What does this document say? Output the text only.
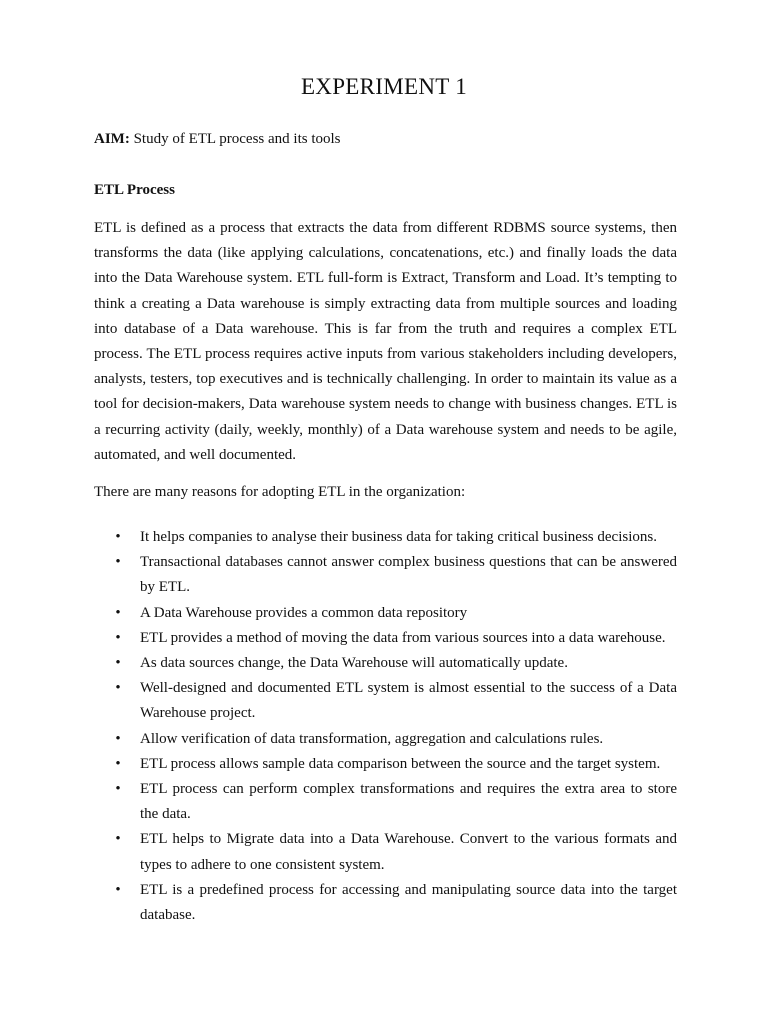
EXPERIMENT 1

AIM: Study of ETL process and its tools

ETL Process

ETL is defined as a process that extracts the data from different RDBMS source systems, then transforms the data (like applying calculations, concatenations, etc.) and finally loads the data into the Data Warehouse system. ETL full-form is Extract, Transform and Load. It’s tempting to think a creating a Data warehouse is simply extracting data from multiple sources and loading into database of a Data warehouse. This is far from the truth and requires a complex ETL process. The ETL process requires active inputs from various stakeholders including developers, analysts, testers, top executives and is technically challenging. In order to maintain its value as a tool for decision-makers, Data warehouse system needs to change with business changes. ETL is a recurring activity (daily, weekly, monthly) of a Data warehouse system and needs to be agile, automated, and well documented.

There are many reasons for adopting ETL in the organization:

• It helps companies to analyse their business data for taking critical business decisions.
• Transactional databases cannot answer complex business questions that can be answered by ETL.
• A Data Warehouse provides a common data repository
• ETL provides a method of moving the data from various sources into a data warehouse.
• As data sources change, the Data Warehouse will automatically update.
• Well-designed and documented ETL system is almost essential to the success of a Data Warehouse project.
• Allow verification of data transformation, aggregation and calculations rules.
• ETL process allows sample data comparison between the source and the target system.
• ETL process can perform complex transformations and requires the extra area to store the data.
• ETL helps to Migrate data into a Data Warehouse. Convert to the various formats and types to adhere to one consistent system.
• ETL is a predefined process for accessing and manipulating source data into the target database.
